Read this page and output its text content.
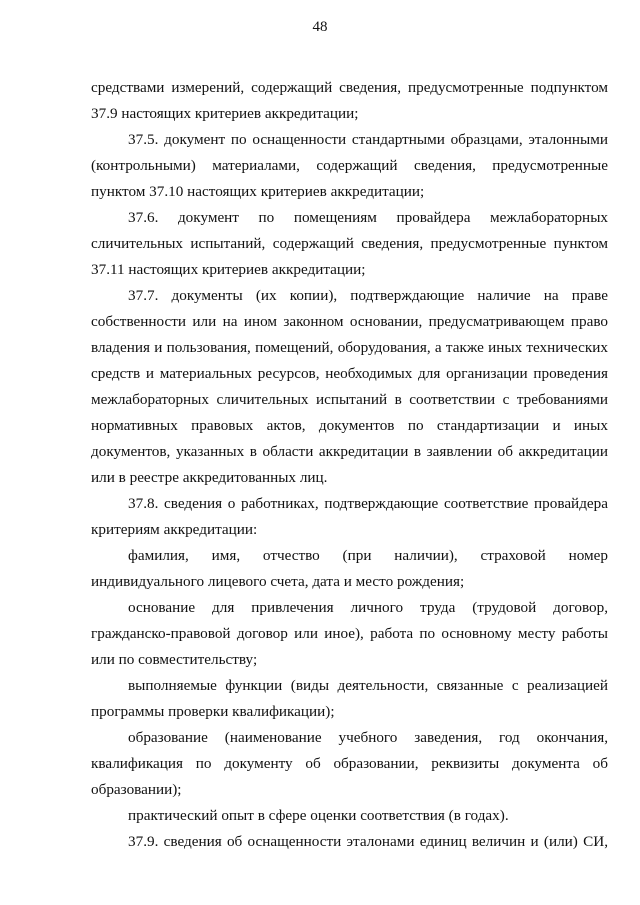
48

средствами измерений, содержащий сведения, предусмотренные подпунктом 37.9 настоящих критериев аккредитации;

37.5. документ по оснащенности стандартными образцами, эталонными (контрольными) материалами, содержащий сведения, предусмотренные пунктом 37.10 настоящих критериев аккредитации;

37.6. документ по помещениям провайдера межлабораторных сличительных испытаний, содержащий сведения, предусмотренные пунктом 37.11 настоящих критериев аккредитации;

37.7. документы (их копии), подтверждающие наличие на праве собственности или на ином законном основании, предусматривающем право владения и пользования, помещений, оборудования, а также иных технических средств и материальных ресурсов, необходимых для организации проведения межлабораторных сличительных испытаний в соответствии с требованиями нормативных правовых актов, документов по стандартизации и иных документов, указанных в области аккредитации в заявлении об аккредитации или в реестре аккредитованных лиц.

37.8. сведения о работниках, подтверждающие соответствие провайдера критериям аккредитации:

фамилия, имя, отчество (при наличии), страховой номер индивидуального лицевого счета, дата и место рождения;

основание для привлечения личного труда (трудовой договор, гражданско-правовой договор или иное), работа по основному месту работы или по совместительству;

выполняемые функции (виды деятельности, связанные с реализацией программы проверки квалификации);

образование (наименование учебного заведения, год окончания, квалификация по документу об образовании, реквизиты документа об образовании);

практический опыт в сфере оценки соответствия (в годах).

37.9. сведения об оснащенности эталонами единиц величин и (или) СИ,
